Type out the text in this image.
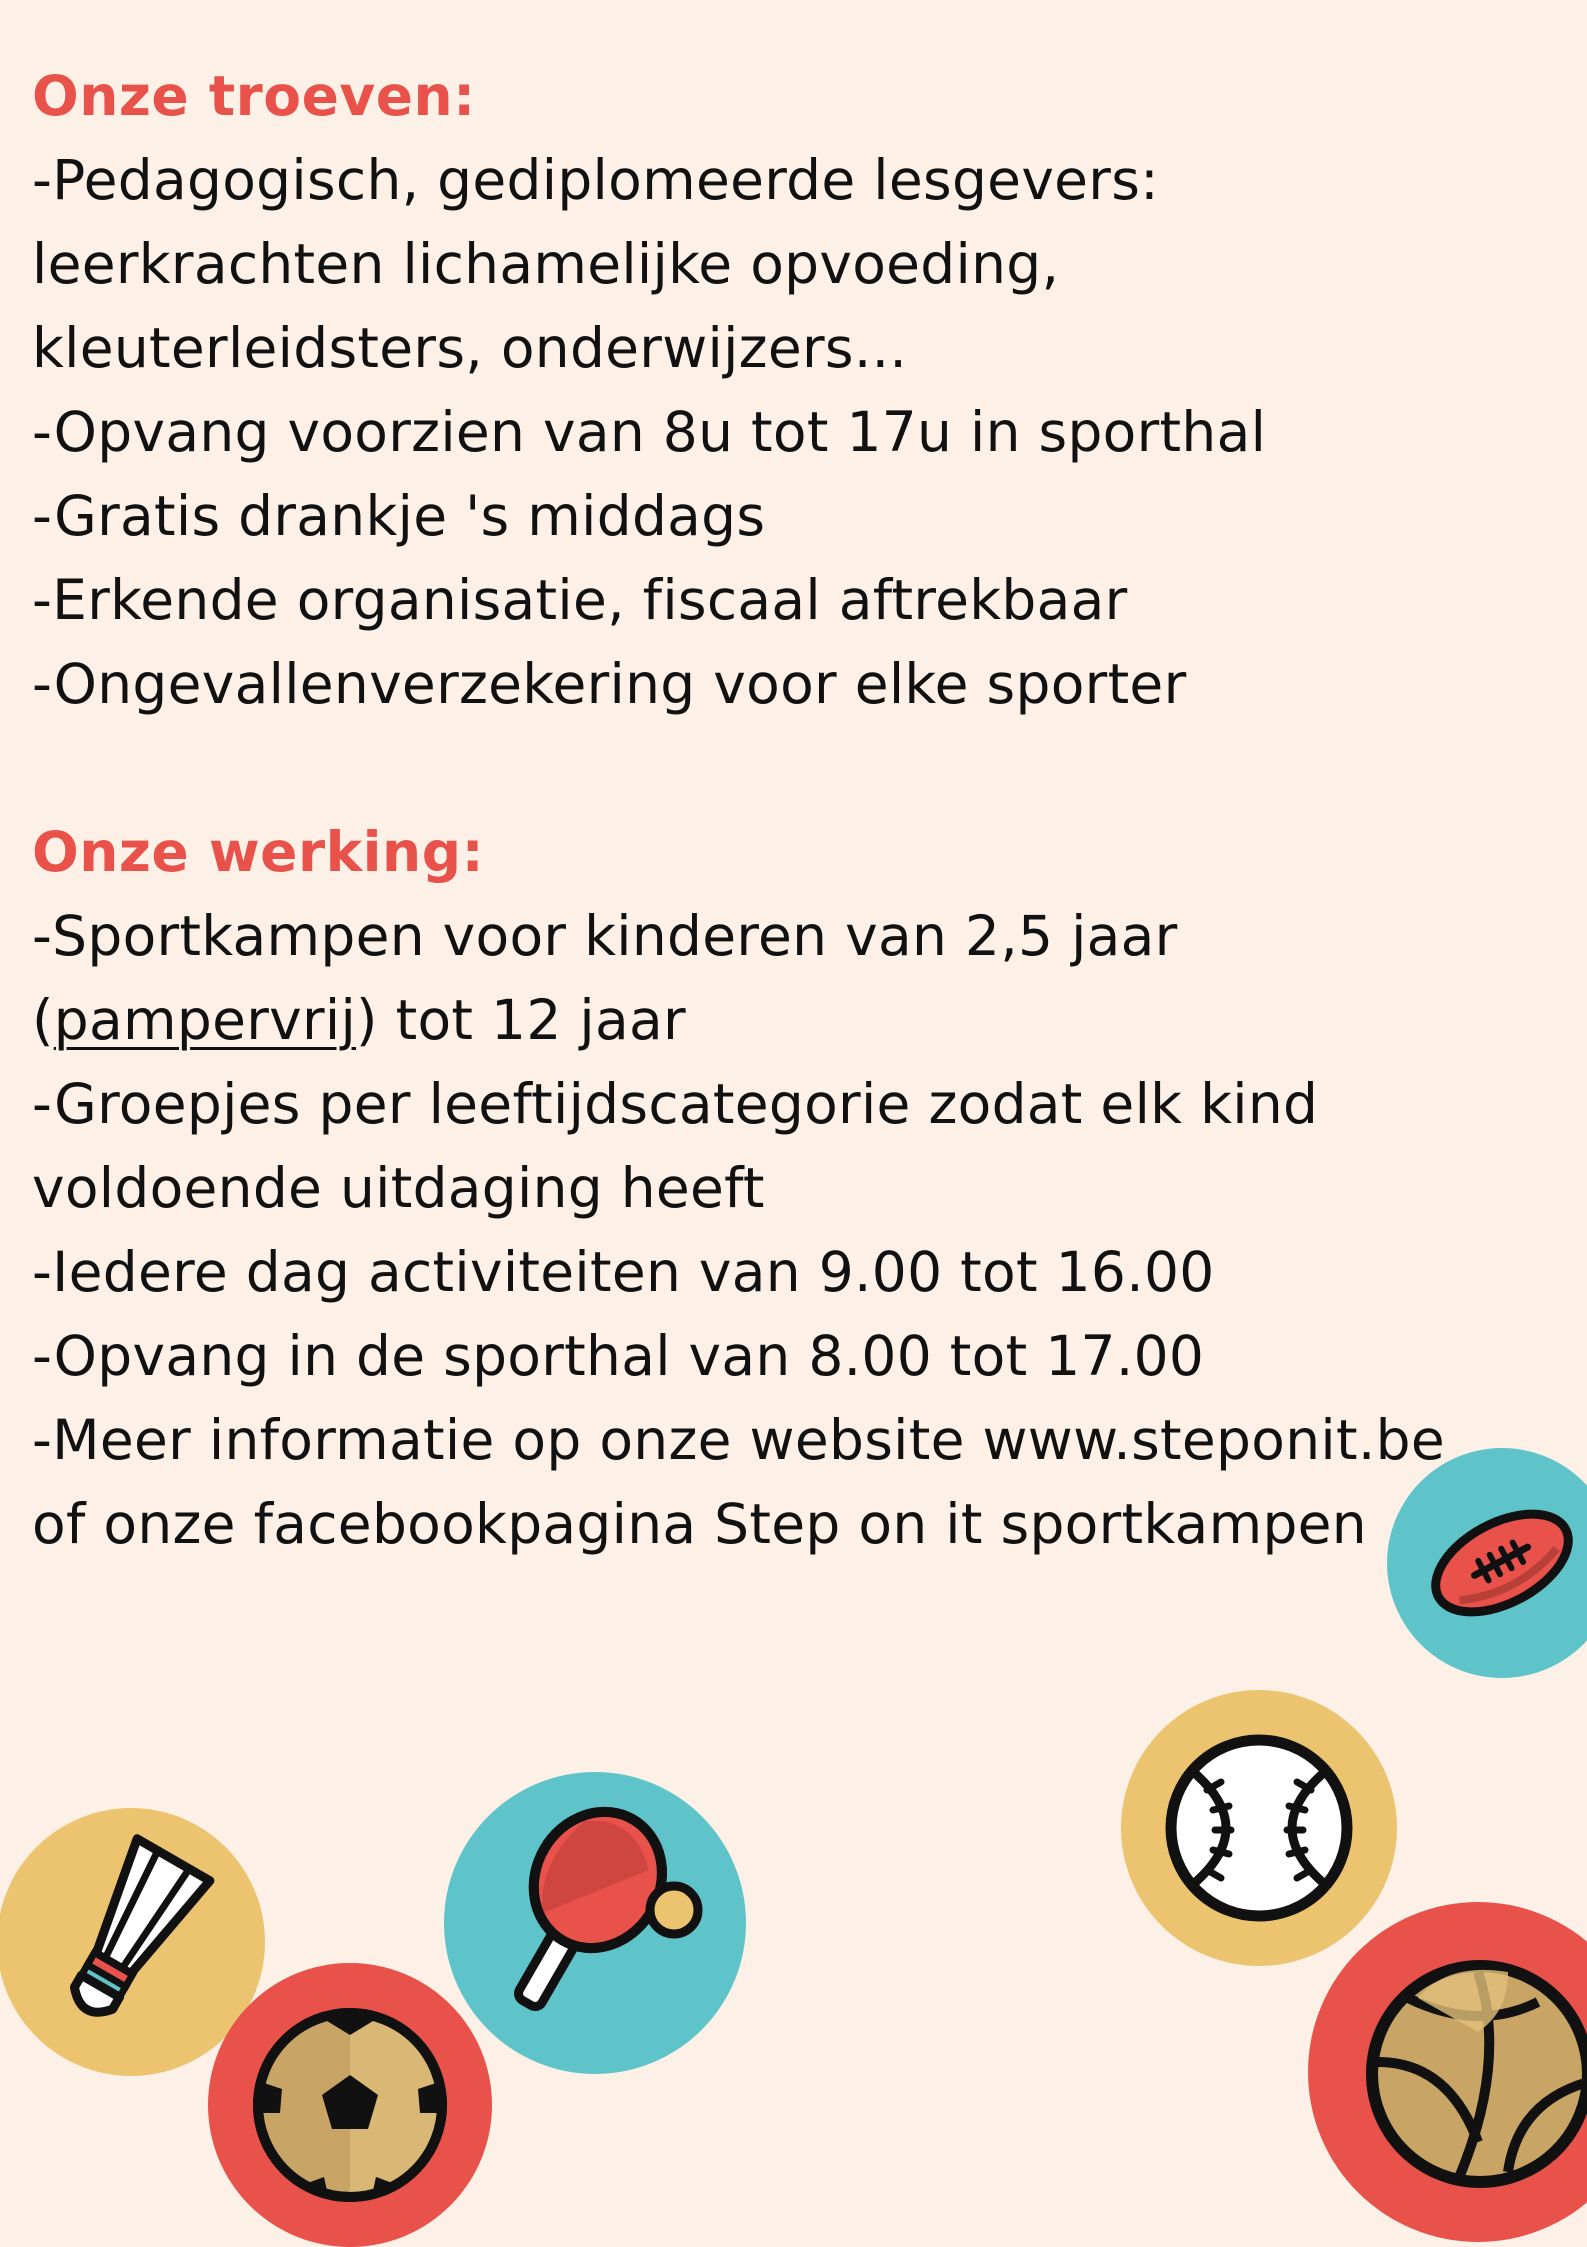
Onze troeven:

-Pedagogisch, gediplomeerde lesgevers:

leerkrachten lichamelijke opvoeding,

kleuterleidsters, onderwijzers...

-Opvang voorzien van 8u tot 17u in sporthal

-Gratis drankje 's middags

-Erkende organisatie, fiscaal aftrekbaar

-Ongevallenverzekering voor elke sporter

Onze werking:

-Sportkampen voor kinderen van 2,5 jaar

(pampervrij) tot 12 jaar

-Groepjes per leeftijdscategorie zodat elk kind

voldoende uitdaging heeft

-Iedere dag activiteiten van 9.00 tot 16.00

-Opvang in de sporthal van 8.00 tot 17.00

-Meer informatie op onze website www.steponit.be

of onze facebookpagina Step on it sportkampen
